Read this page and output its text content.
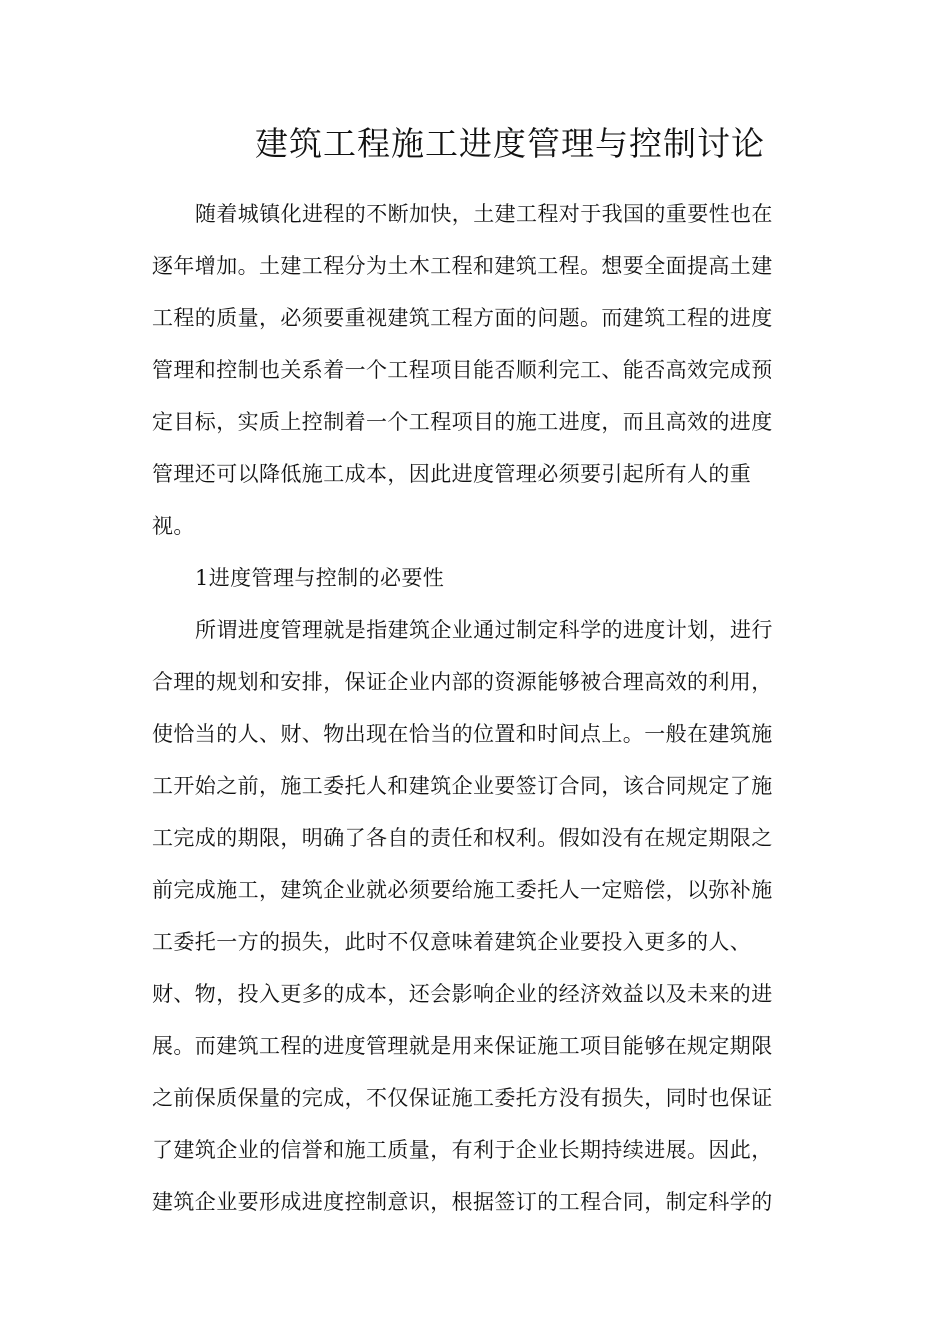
建筑工程施工进度管理与控制讨论
随着城镇化进程的不断加快，土建工程对于我国的重要性也在
逐年增加。土建工程分为土木工程和建筑工程。想要全面提高土建
工程的质量，必须要重视建筑工程方面的问题。而建筑工程的进度
管理和控制也关系着一个工程项目能否顺利完工、能否高效完成预
定目标，实质上控制着一个工程项目的施工进度，而且高效的进度
管理还可以降低施工成本，因此进度管理必须要引起所有人的重
视。
1进度管理与控制的必要性
所谓进度管理就是指建筑企业通过制定科学的进度计划，进行
合理的规划和安排，保证企业内部的资源能够被合理高效的利用，
使恰当的人、财、物出现在恰当的位置和时间点上。一般在建筑施
工开始之前，施工委托人和建筑企业要签订合同，该合同规定了施
工完成的期限，明确了各自的责任和权利。假如没有在规定期限之
前完成施工，建筑企业就必须要给施工委托人一定赔偿，以弥补施
工委托一方的损失，此时不仅意味着建筑企业要投入更多的人、
财、物，投入更多的成本，还会影响企业的经济效益以及未来的进
展。而建筑工程的进度管理就是用来保证施工项目能够在规定期限
之前保质保量的完成，不仅保证施工委托方没有损失，同时也保证
了建筑企业的信誉和施工质量，有利于企业长期持续进展。因此，
建筑企业要形成进度控制意识，根据签订的工程合同，制定科学的
